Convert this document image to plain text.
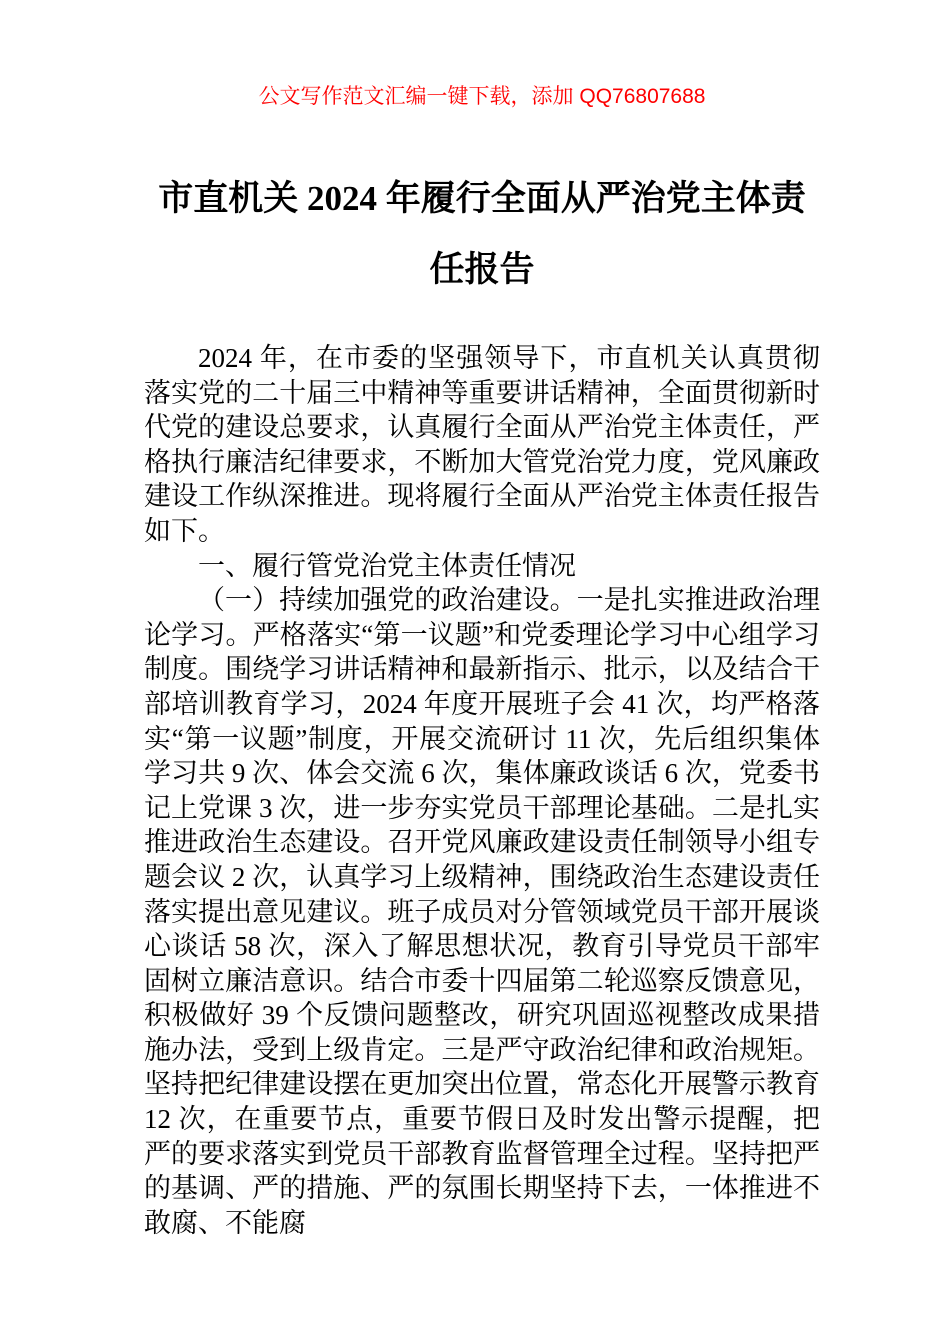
公文写作范文汇编一键下载，添加 QQ76807688
市直机关 2024 年履行全面从严治党主体责任报告

2024 年，在市委的坚强领导下，市直机关认真贯彻落实党的二十届三中精神等重要讲话精神，全面贯彻新时代党的建设总要求，认真履行全面从严治党主体责任，严格执行廉洁纪律要求，不断加大管党治党力度，党风廉政建设工作纵深推进。现将履行全面从严治党主体责任报告如下。

一、履行管党治党主体责任情况

（一）持续加强党的政治建设。一是扎实推进政治理论学习。严格落实“第一议题”和党委理论学习中心组学习制度。围绕学习讲话精神和最新指示、批示，以及结合干部培训教育学习，2024 年度开展班子会 41 次，均严格落实“第一议题”制度，开展交流研讨 11 次，先后组织集体学习共 9 次、体会交流 6 次，集体廉政谈话 6 次，党委书记上党课 3 次，进一步夯实党员干部理论基础。二是扎实推进政治生态建设。召开党风廉政建设责任制领导小组专题会议 2 次，认真学习上级精神，围绕政治生态建设责任落实提出意见建议。班子成员对分管领域党员干部开展谈心谈话 58 次，深入了解思想状况，教育引导党员干部牢固树立廉洁意识。结合市委十四届第二轮巡察反馈意见，积极做好 39 个反馈问题整改，研究巩固巡视整改成果措施办法，受到上级肯定。三是严守政治纪律和政治规矩。坚持把纪律建设摆在更加突出位置，常态化开展警示教育 12 次，在重要节点，重要节假日及时发出警示提醒，把严的要求落实到党员干部教育监督管理全过程。坚持把严的基调、严的措施、严的氛围长期坚持下去，一体推进不敢腐、不能腐
